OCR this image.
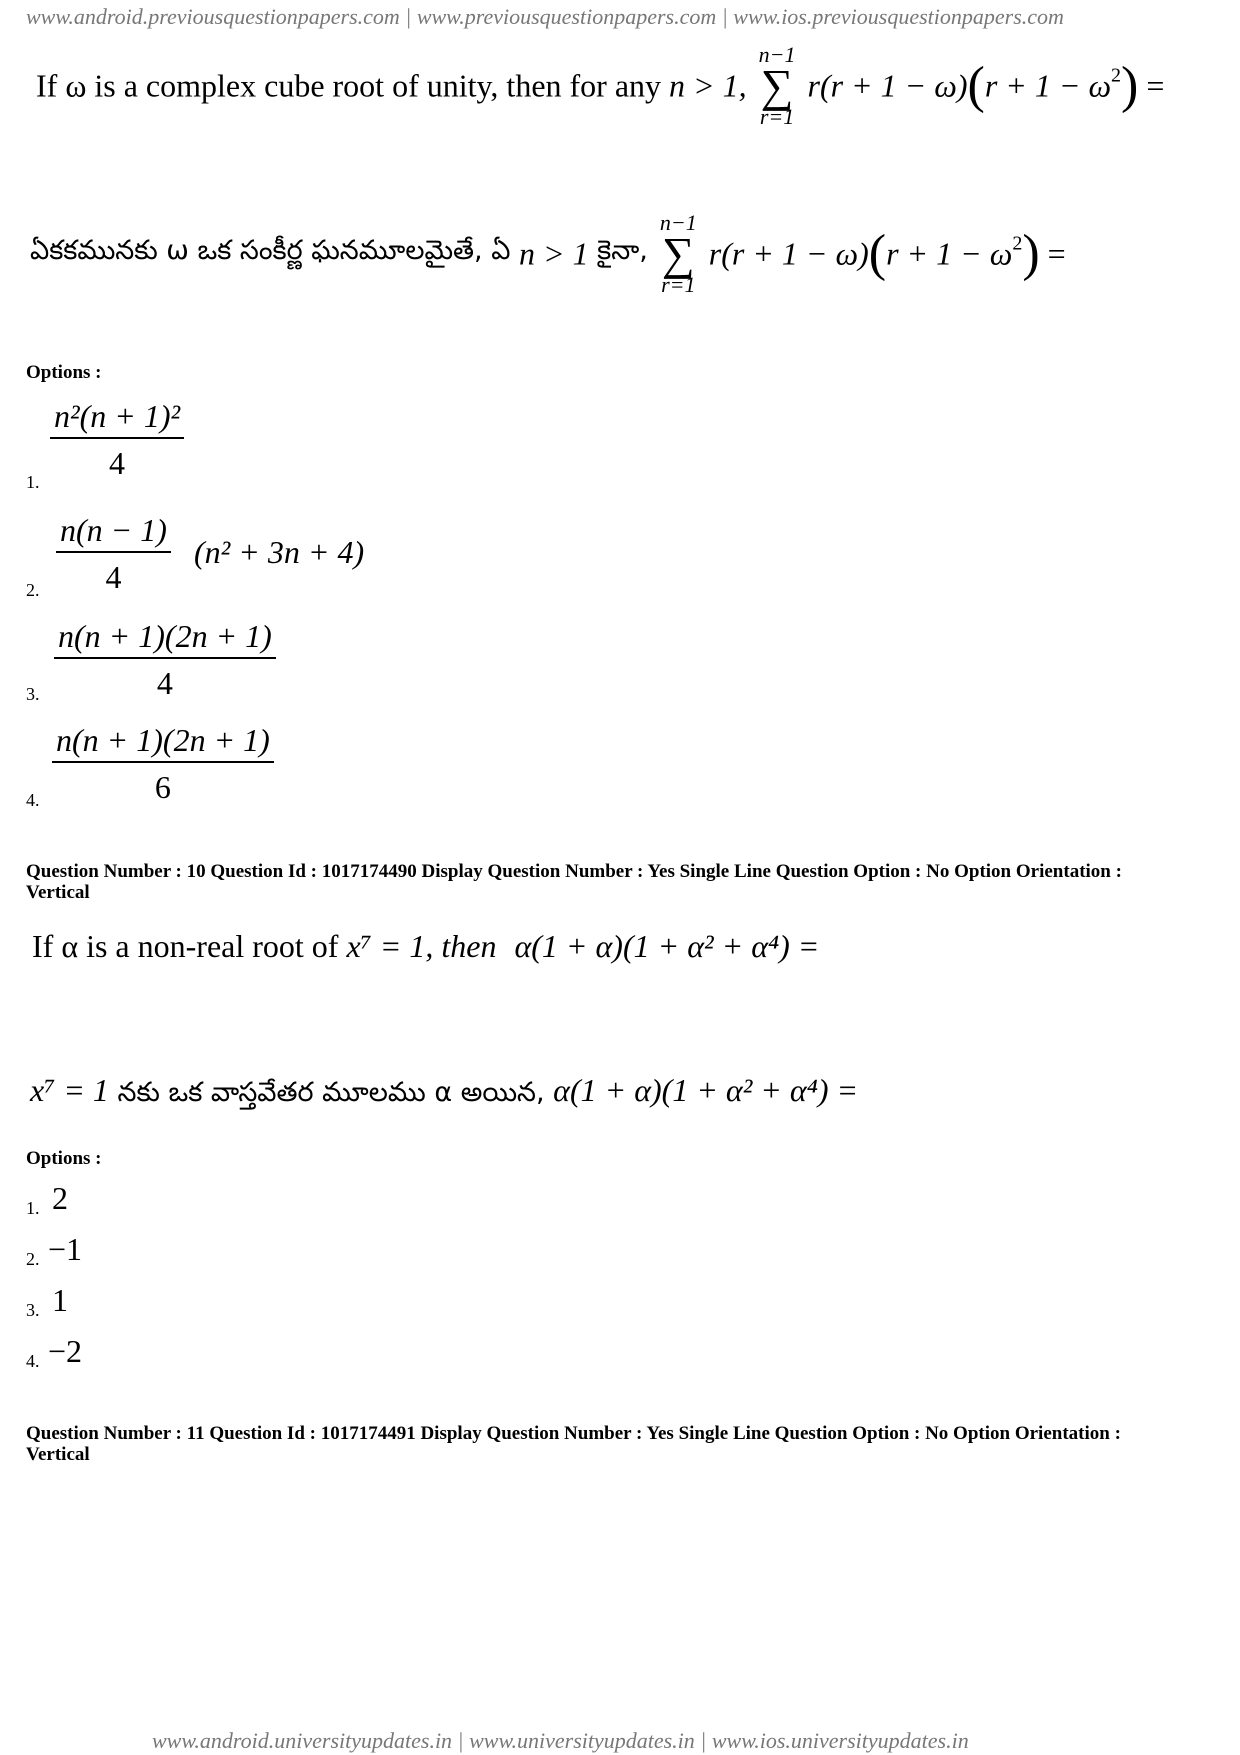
www.android.previousquestionpapers.com | www.previousquestionpapers.com | www.ios.previousquestionpapers.com
If ω is a complex cube root of unity, then for any n > 1,
n−1
∑
r=1
$r(r + 1 - \omega)(r + 1 - \omega^2)$ =
ఏకకమునకు ω ఒక సంకీర్ణ ఘనమూలమైతే, ఏ n > 1 కైనా,
n−1
∑
r=1
$r(r + 1 - \omega)(r + 1 - \omega^2)$ =
Options :
1. $\frac{\text{n²(n + 1)²}}{4}$
2. $\frac{n(n - 1)}{4} (n^2 + 3n + 4)$
3. $\frac{n(n + 1)(2n + 1)}{4}$
4. $\frac{n(n + 1)(2n + 1)}{6}$
Question Number : 10 Question Id : 1017174490 Display Question Number : Yes Single Line Question Option : No Option Orientation : Vertical
If α is a non-real root of x⁷ = 1, then α(1 + α)(1 + α² + α⁴) =
x⁷ = 1 నకు ఒక వాస్తవేతర మూలము α అయిన, α(1 + α)(1 + α² + α⁴) =
Options :
1. 2
2. −1
3. 1
4. −2
Question Number : 11 Question Id : 1017174491 Display Question Number : Yes Single Line Question Option : No Option Orientation : Vertical
www.android.universityupdates.in | www.universityupdates.in | www.ios.universityupdates.in
